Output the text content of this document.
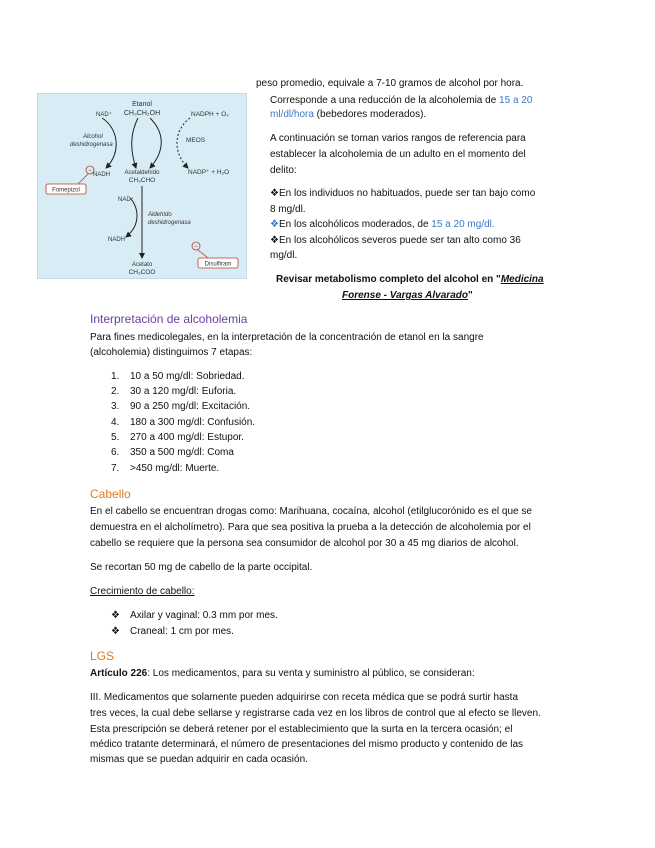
Etanol
CH₃CH₂OH
NAD⁺	NADPH + O₂
Alcohol
deshidrogenasa
MEOS
NADH Acetaldehído
CH₃CHO
NADP⁺ + H₂O
−
Fomepizol
NAD⁺
Aldehído
deshidrogenasa
NADH
−
Disulfiram
Acetato
CH₃COO
peso promedio, equivale a 7-10 gramos de alcohol por hora.
Corresponde a una reducción de la alcoholemia de 15 a 20
ml/dl/hora (bebedores moderados).
A continuación se toman varios rangos de referencia para
establecer la alcoholemia de un adulto en el momento del
delito:
❖En los individuos no habituados, puede ser tan bajo como
8 mg/dl.
❖En los alcohólicos moderados, de 15 a 20 mg/dl.
❖En los alcohólicos severos puede ser tan alto como 36
mg/dl.
Revisar metabolismo completo del alcohol en "Medicina
Forense - Vargas Alvarado"
Interpretación de alcoholemia
Para fines medicolegales, en la interpretación de la concentración de etanol en la sangre
(alcoholemia) distinguimos 7 etapas:
1. 10 a 50 mg/dl: Sobriedad.
2. 30 a 120 mg/dl: Euforia.
3. 90 a 250 mg/dl: Excitación.
4. 180 a 300 mg/dl: Confusión.
5. 270 a 400 mg/dl: Estupor.
6. 350 a 500 mg/dl: Coma
7. >450 mg/dl: Muerte.
Cabello
En el cabello se encuentran drogas como: Marihuana, cocaína, alcohol (etilglucorónido es el que se
demuestra en el alcholímetro). Para que sea positiva la prueba a la detección de alcoholemia por el
cabello se requiere que la persona sea consumidor de alcohol por 30 a 45 mg diarios de alcohol.
Se recortan 50 mg de cabello de la parte occipital.
Crecimiento de cabello:
❖ Axilar y vaginal: 0.3 mm por mes.
❖ Craneal: 1 cm por mes.
LGS
Artículo 226: Los medicamentos, para su venta y suministro al público, se consideran:
III. Medicamentos que solamente pueden adquirirse con receta médica que se podrá surtir hasta
tres veces, la cual debe sellarse y registrarse cada vez en los libros de control que al efecto se lleven.
Esta prescripción se deberá retener por el establecimiento que la surta en la tercera ocasión; el
médico tratante determinará, el número de presentaciones del mismo producto y contenido de las
mismas que se puedan adquirir en cada ocasión.
